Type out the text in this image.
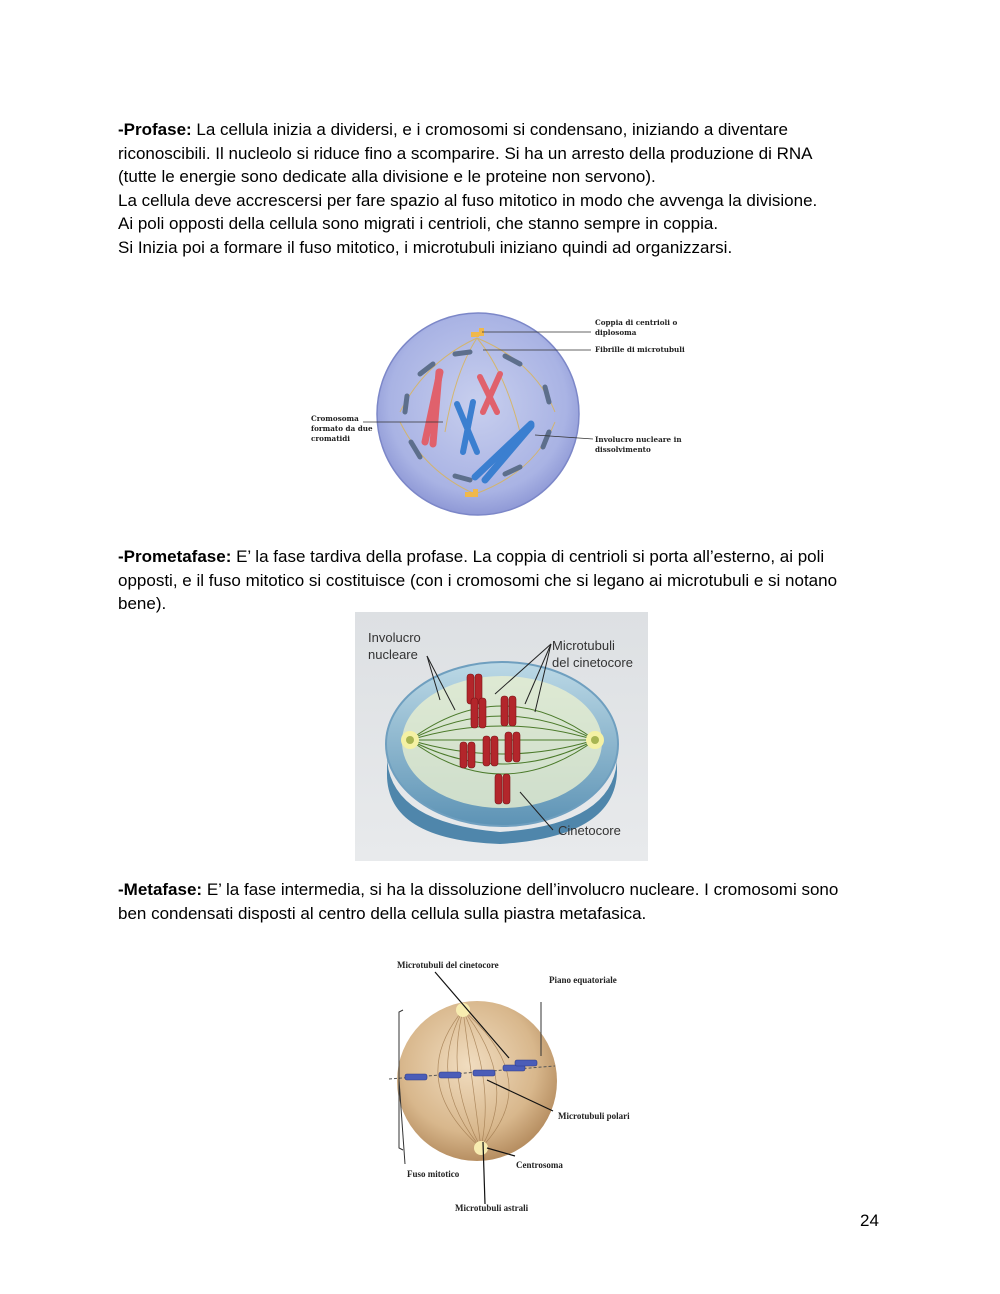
-Profase: La cellula inizia a dividersi, e i cromosomi si condensano, iniziando a diventare
riconoscibili. Il nucleolo si riduce fino a scomparire. Si ha un arresto della produzione di RNA
(tutte le energie sono dedicate alla divisione e le proteine non servono).
La cellula deve accrescersi per fare spazio al fuso mitotico in modo che avvenga la divisione.
Ai poli opposti della cellula sono migrati i centrioli, che stanno sempre in coppia.
Si Inizia poi a formare il fuso mitotico, i microtubuli iniziano quindi ad organizzarsi.
Coppia di centrioli o
diplosoma
Fibrille di microtubuli
Cromosoma
formato da due
cromatidi	Involucro nucleare in
dissolvimento
-Prometafase: E’ la fase tardiva della profase. La coppia di centrioli si porta all’esterno, ai poli
opposti, e il fuso mitotico si costituisce (con i cromosomi che si legano ai microtubuli e si notano
bene).
Involucro
nucleare
Microtubuli
del cinetocore
Cinetocore
-Metafase: E’ la fase intermedia, si ha la dissoluzione dell’involucro nucleare. I cromosomi sono
ben condensati disposti al centro della cellula sulla piastra metafasica.
Microtubuli del cinetocore
Piano equatoriale
Microtubuli polari
Centrosoma
Fuso mitotico
Microtubuli astrali
24
